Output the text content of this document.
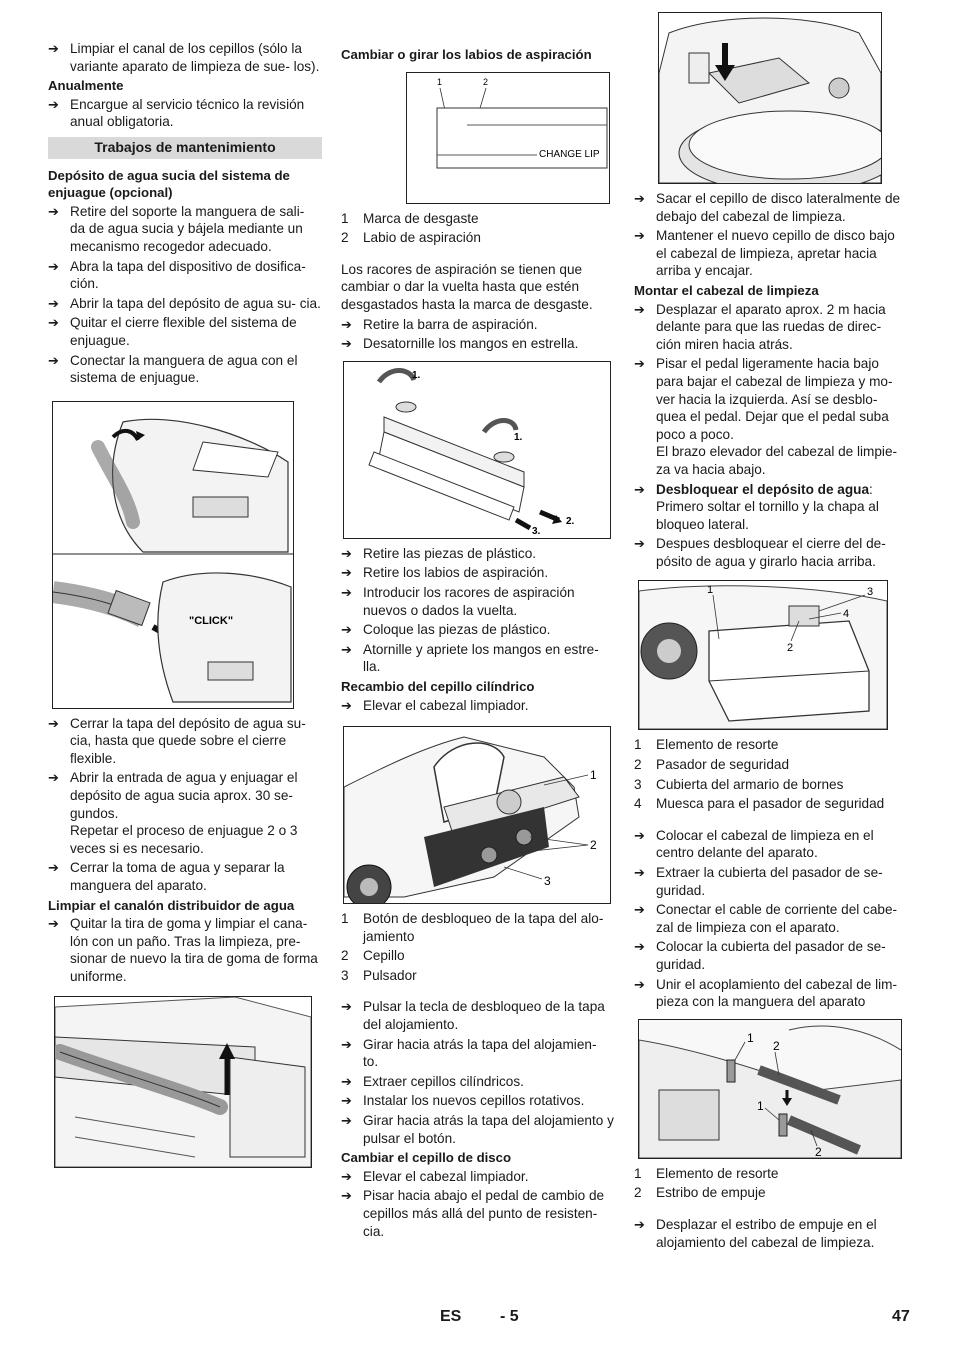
➔ Limpiar el canal de los cepillos (sólo la variante aparato de limpieza de sue- los).
Anualmente
➔ Encargue al servicio técnico la revisión anual obligatoria.
Trabajos de mantenimiento
Depósito de agua sucia del sistema de enjuague (opcional)
➔ Retire del soporte la manguera de sali- da de agua sucia y bájela mediante un mecanismo recogedor adecuado.
➔ Abra la tapa del dispositivo de dosifica- ción.
➔ Abrir la tapa del depósito de agua su- cia.
➔ Quitar el cierre flexible del sistema de enjuague.
➔ Conectar la manguera de agua con el sistema de enjuague.
"CLICK"
➔ Cerrar la tapa del depósito de agua su- cia, hasta que quede sobre el cierre flexible.
➔ Abrir la entrada de agua y enjuagar el depósito de agua sucia aprox. 30 se- gundos.
Repetar el proceso de enjuague 2 o 3 veces si es necesario.
➔ Cerrar la toma de agua y separar la manguera del aparato.
Limpiar el canalón distribuidor de agua
➔ Quitar la tira de goma y limpiar el cana- lón con un paño. Tras la limpieza, pre- sionar de nuevo la tira de goma de forma uniforme.
Cambiar o girar los labios de aspiración
1	2
CHANGE LIP
1 Marca de desgaste
2 Labio de aspiración
Los racores de aspiración se tienen que cambiar o dar la vuelta hasta que estén desgastados hasta la marca de desgaste.
➔ Retire la barra de aspiración.
➔ Desatornille los mangos en estrella.
1.
1.
2.
3.
➔ Retire las piezas de plástico.
➔ Retire los labios de aspiración.
➔ Introducir los racores de aspiración nuevos o dados la vuelta.
➔ Coloque las piezas de plástico.
➔ Atornille y apriete los mangos en estre- lla.
Recambio del cepillo cilíndrico
➔ Elevar el cabezal limpiador.
1
2
3
1 Botón de desbloqueo de la tapa del alo- jamiento
2 Cepillo
3 Pulsador
➔ Pulsar la tecla de desbloqueo de la tapa del alojamiento.
➔ Girar hacia atrás la tapa del alojamien- to.
➔ Extraer cepillos cilíndricos.
➔ Instalar los nuevos cepillos rotativos.
➔ Girar hacia atrás la tapa del alojamiento y pulsar el botón.
Cambiar el cepillo de disco
➔ Elevar el cabezal limpiador.
➔ Pisar hacia abajo el pedal de cambio de cepillos más allá del punto de resisten- cia.
➔ Sacar el cepillo de disco lateralmente de debajo del cabezal de limpieza.
➔ Mantener el nuevo cepillo de disco bajo el cabezal de limpieza, apretar hacia arriba y encajar.
Montar el cabezal de limpieza
➔ Desplazar el aparato aprox. 2 m hacia delante para que las ruedas de direc- ción miren hacia atrás.
➔ Pisar el pedal ligeramente hacia bajo para bajar el cabezal de limpieza y mo- ver hacia la izquierda. Así se desblo- quea el pedal. Dejar que el pedal suba poco a poco.
El brazo elevador del cabezal de limpie- za va hacia abajo.
➔ Desbloquear el depósito de agua: Primero soltar el tornillo y la chapa al bloqueo lateral.
➔ Despues desbloquear el cierre del de- pósito de agua y girarlo hacia arriba.
1
2
3
4
1 Elemento de resorte
2 Pasador de seguridad
3 Cubierta del armario de bornes
4 Muesca para el pasador de seguridad
➔ Colocar el cabezal de limpieza en el centro delante del aparato.
➔ Extraer la cubierta del pasador de se- guridad.
➔ Conectar el cable de corriente del cabe- zal de limpieza con el aparato.
➔ Colocar la cubierta del pasador de se- guridad.
➔ Unir el acoplamiento del cabezal de lim- pieza con la manguera del aparato
1
2
1
2
1 Elemento de resorte
2 Estribo de empuje
➔ Desplazar el estribo de empuje en el alojamiento del cabezal de limpieza.
ES - 5	47
